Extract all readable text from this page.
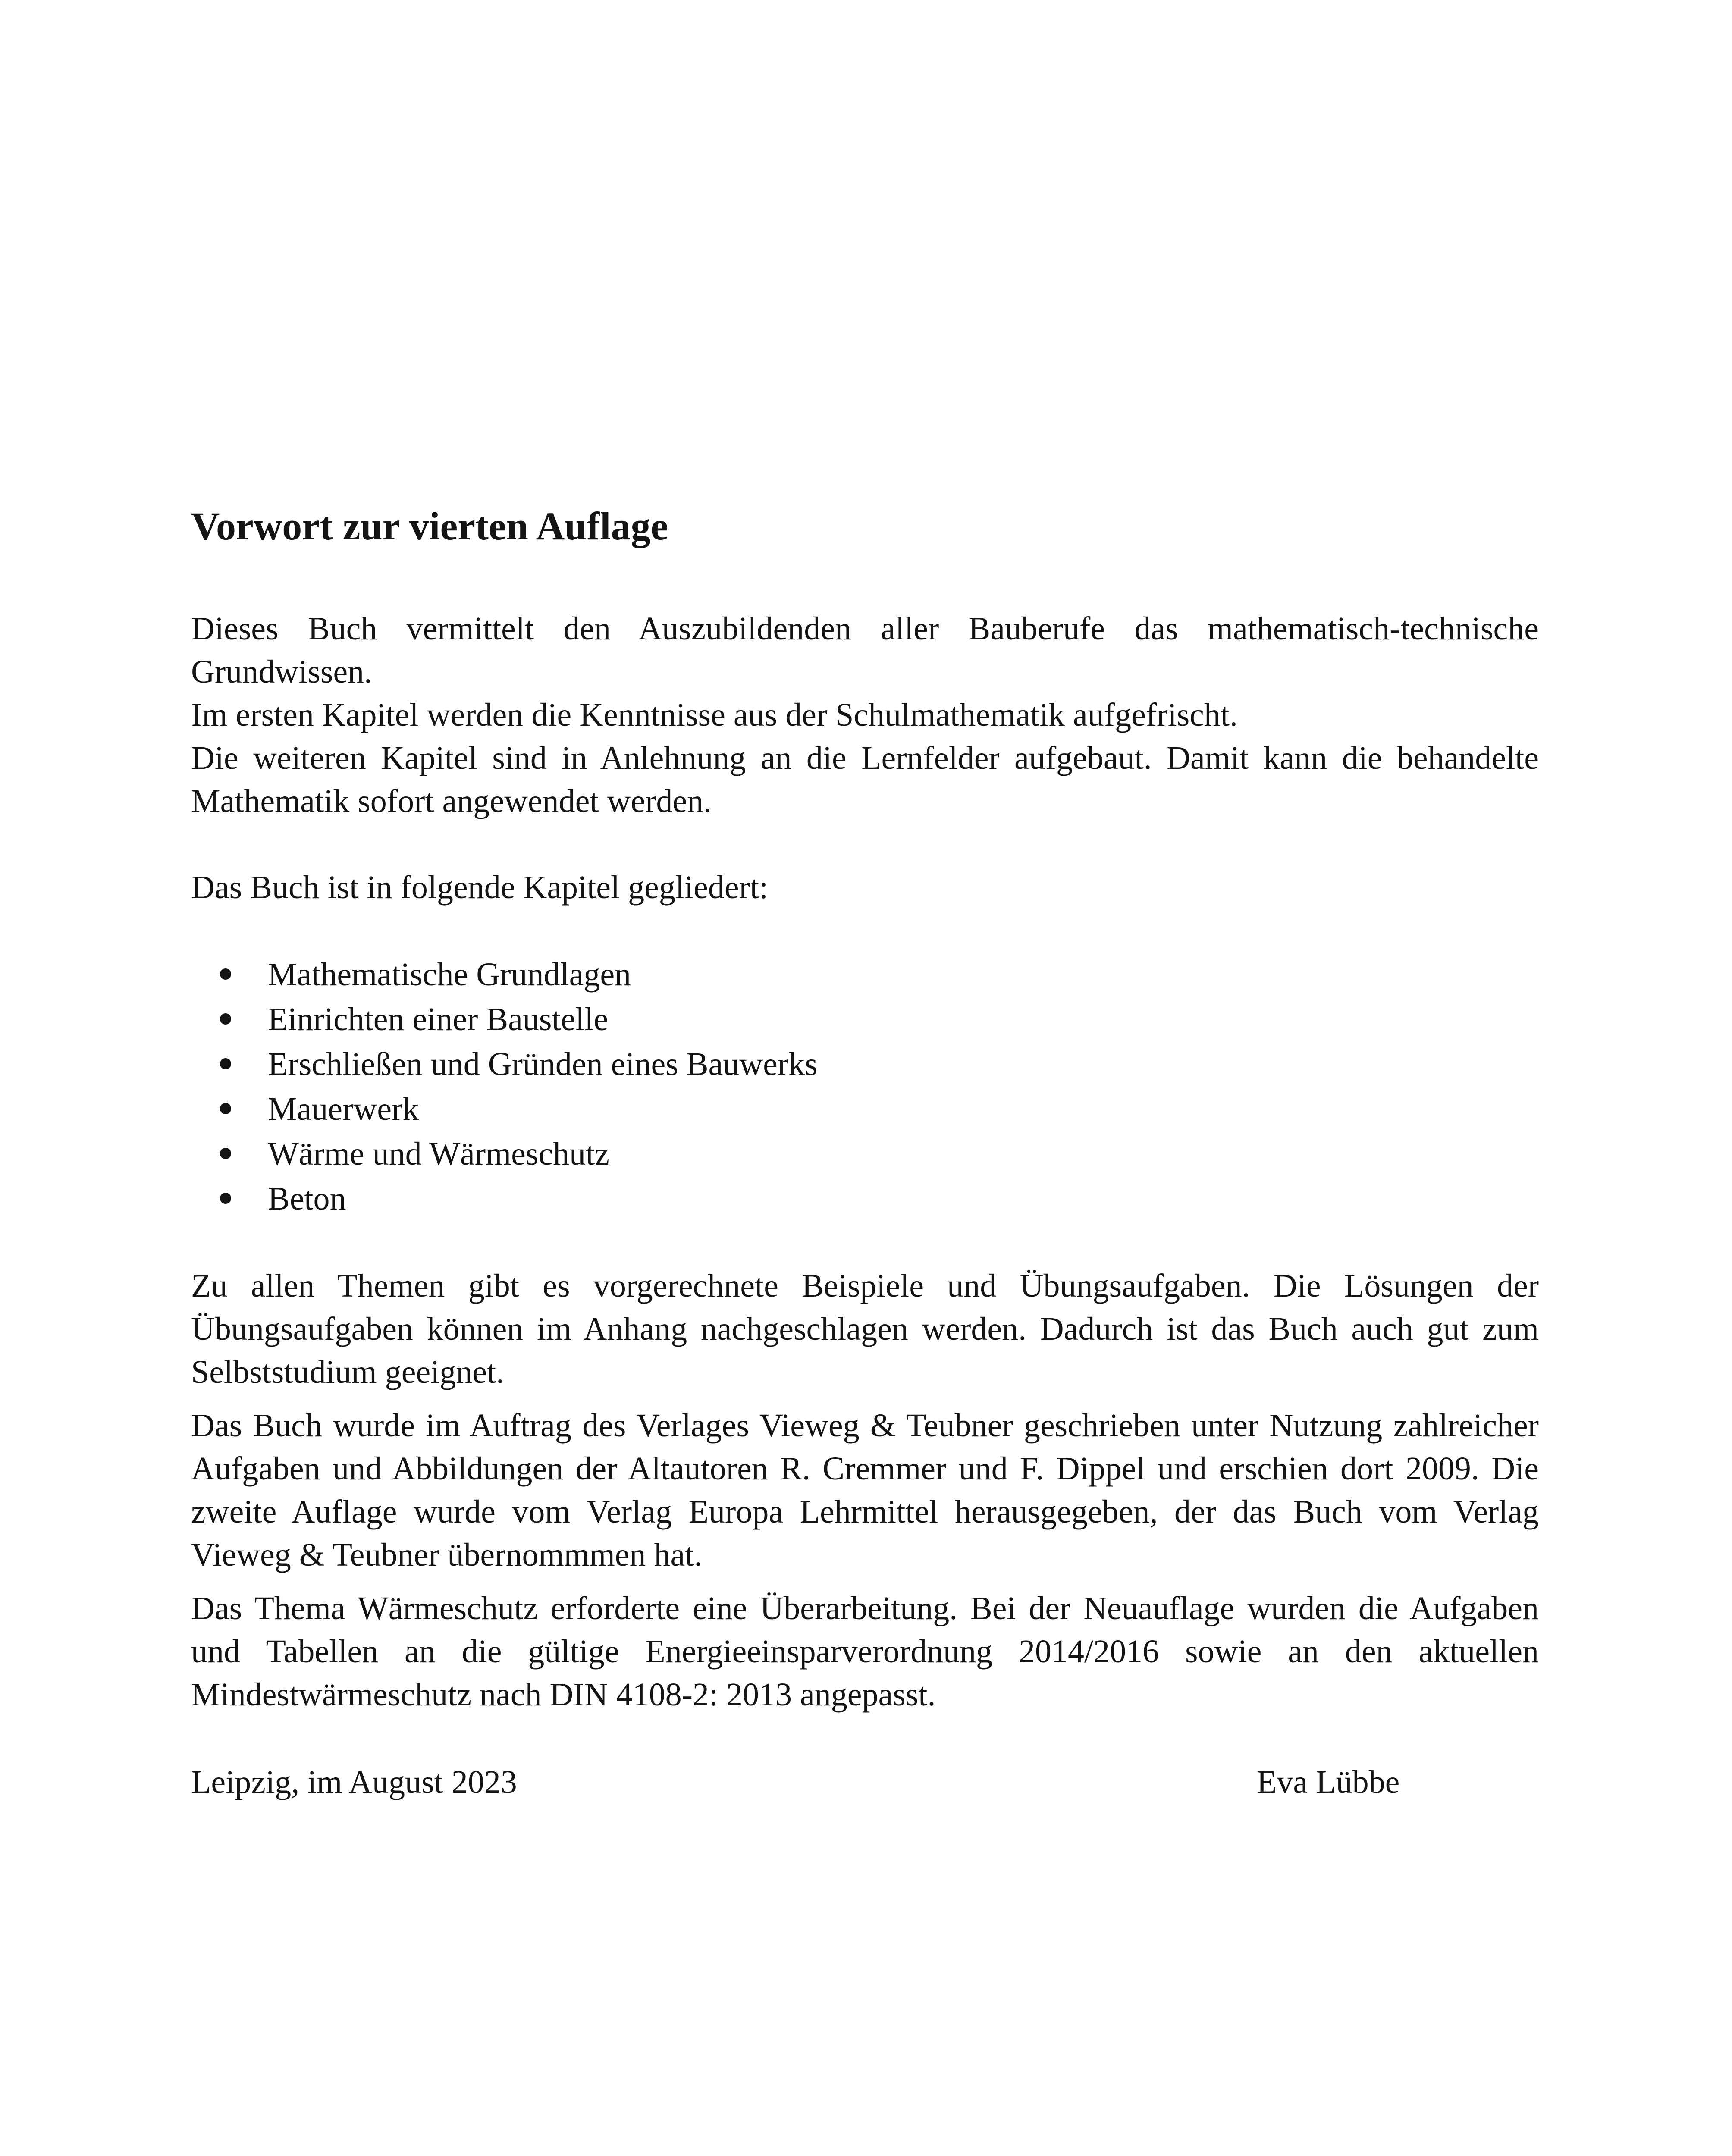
Vorwort zur vierten Auflage

Dieses Buch vermittelt den Auszubildenden aller Bauberufe das mathematisch-technische Grundwissen.

Im ersten Kapitel werden die Kenntnisse aus der Schulmathematik aufgefrischt.

Die weiteren Kapitel sind in Anlehnung an die Lernfelder aufgebaut. Damit kann die behandelte Mathematik sofort angewendet werden.

Das Buch ist in folgende Kapitel gegliedert:

Mathematische Grundlagen
Einrichten einer Baustelle
Erschließen und Gründen eines Bauwerks
Mauerwerk
Wärme und Wärmeschutz
Beton

Zu allen Themen gibt es vorgerechnete Beispiele und Übungsaufgaben. Die Lösungen der Übungsaufgaben können im Anhang nachgeschlagen werden. Dadurch ist das Buch auch gut zum Selbststudium geeignet.

Das Buch wurde im Auftrag des Verlages Vieweg & Teubner geschrieben unter Nutzung zahlreicher Aufgaben und Abbildungen der Altautoren R. Cremmer und F. Dippel und erschien dort 2009. Die zweite Auflage wurde vom Verlag Europa Lehrmittel herausgegeben, der das Buch vom Verlag Vieweg & Teubner übernommmen hat.

Das Thema Wärmeschutz erforderte eine Überarbeitung. Bei der Neuauflage wurden die Aufgaben und Tabellen an die gültige Energieeinsparverordnung 2014/2016 sowie an den aktuellen Mindestwärmeschutz nach DIN 4108-2: 2013 angepasst.

Leipzig, im August 2023	Eva Lübbe
